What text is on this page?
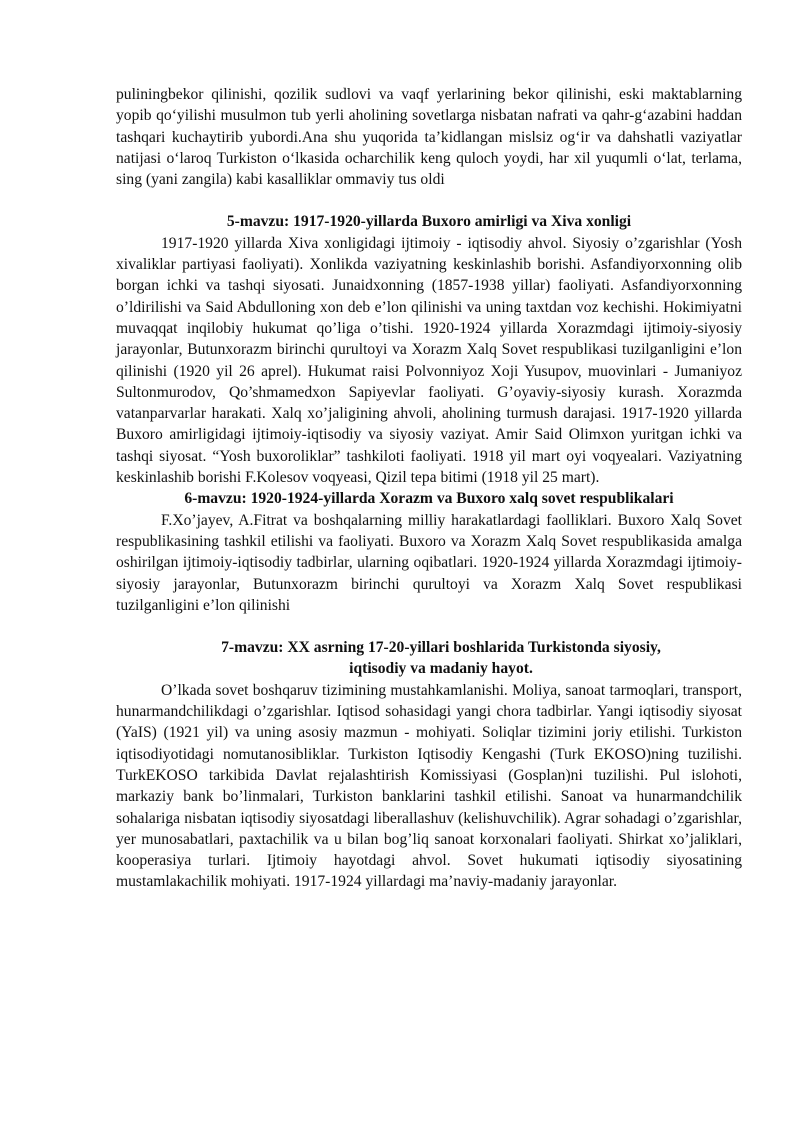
puliningbekor qilinishi, qozilik sudlovi va vaqf yerlarining bekor qilinishi, eski maktablarning yopib qo‘yilishi musulmon tub yerli aholining sovetlarga nisbatan nafrati va qahr-g‘azabini haddan tashqari kuchaytirib yubordi.Ana shu yuqorida ta’kidlangan mislsiz og‘ir va dahshatli vaziyatlar natijasi o‘laroq Turkiston o‘lkasida ocharchilik keng quloch yoydi, har xil yuqumli o‘lat, terlama, sing (yani zangila) kabi kasalliklar ommaviy tus oldi

5-mavzu: 1917-1920-yillarda Buxoro amirligi va Xiva xonligi

1917-1920 yillarda Xiva xonligidagi ijtimoiy - iqtisodiy ahvol. Siyosiy o’zgarishlar (Yosh xivaliklar partiyasi faoliyati). Xonlikda vaziyatning keskinlashib borishi. Asfandiyorxonning olib borgan ichki va tashqi siyosati. Junaidxonning (1857-1938 yillar) faoliyati. Asfandiyorxonning o’ldirilishi va Said Abdulloning xon deb e’lon qilinishi va uning taxtdan voz kechishi. Hokimiyatni muvaqqat inqilobiy hukumat qo’liga o’tishi. 1920-1924 yillarda Xorazmdagi ijtimoiy-siyosiy jarayonlar, Butunxorazm birinchi qurultoyi va Xorazm Xalq Sovet respublikasi tuzilganligini e’lon qilinishi (1920 yil 26 aprel). Hukumat raisi Polvonniyoz Xoji Yusupov, muovinlari - Jumaniyoz Sultonmurodov, Qo’shmamedxon Sapiyevlar faoliyati. G’oyaviy-siyosiy kurash. Xorazmda vatanparvarlar harakati. Xalq xo’jaligining ahvoli, aholining turmush darajasi. 1917-1920 yillarda Buxoro amirligidagi ijtimoiy-iqtisodiy va siyosiy vaziyat. Amir Said Olimxon yuritgan ichki va tashqi siyosat. “Yosh buxoroliklar” tashkiloti faoliyati. 1918 yil mart oyi voqyealari. Vaziyatning keskinlashib borishi F.Kolesov voqyeasi, Qizil tepa bitimi (1918 yil 25 mart).

6-mavzu: 1920-1924-yillarda Xorazm va Buxoro xalq sovet respublikalari

F.Xo’jayev, A.Fitrat va boshqalarning milliy harakatlardagi faolliklari. Buxoro Xalq Sovet respublikasining tashkil etilishi va faoliyati. Buxoro va Xorazm Xalq Sovet respublikasida amalga oshirilgan ijtimoiy-iqtisodiy tadbirlar, ularning oqibatlari. 1920-1924 yillarda Xorazmdagi ijtimoiy-siyosiy jarayonlar, Butunxorazm birinchi qurultoyi va Xorazm Xalq Sovet respublikasi tuzilganligini e’lon qilinishi

7-mavzu: XX asrning 17-20-yillari boshlarida Turkistonda siyosiy,
iqtisodiy va madaniy hayot.

O’lkada sovet boshqaruv tizimining mustahkamlanishi. Moliya, sanoat tarmoqlari, transport, hunarmandchilikdagi o’zgarishlar. Iqtisod sohasidagi yangi chora tadbirlar. Yangi iqtisodiy siyosat (YaIS) (1921 yil) va uning asosiy mazmun - mohiyati. Soliqlar tizimini joriy etilishi. Turkiston iqtisodiyotidagi nomutanosibliklar. Turkiston Iqtisodiy Kengashi (Turk EKOSO)ning tuzilishi. TurkEKOSO tarkibida Davlat rejalashtirish Komissiyasi (Gosplan)ni tuzilishi. Pul islohoti, markaziy bank bo’linmalari, Turkiston banklarini tashkil etilishi. Sanoat va hunarmandchilik sohalariga nisbatan iqtisodiy siyosatdagi liberallashuv (kelishuvchilik). Agrar sohadagi o’zgarishlar, yer munosabatlari, paxtachilik va u bilan bog’liq sanoat korxonalari faoliyati. Shirkat xo’jaliklari, kooperasiya turlari. Ijtimoiy hayotdagi ahvol. Sovet hukumati iqtisodiy siyosatining mustamlakachilik mohiyati. 1917-1924 yillardagi ma’naviy-madaniy jarayonlar.
